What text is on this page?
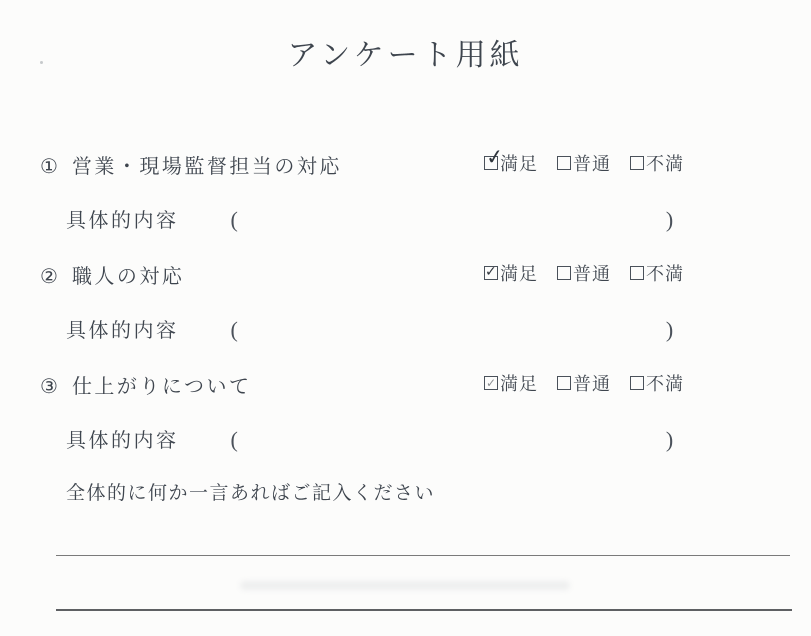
アンケート用紙
① 営業・現場監督担当の対応 ✓	満足 普通 不満
具体的内容 (	)
② 職人の対応 ✓	満足 普通 不満
具体的内容 (	)
③ 仕上がりについて ✓	満足 普通 不満
具体的内容 (	)
全体的に何か一言あればご記入ください
